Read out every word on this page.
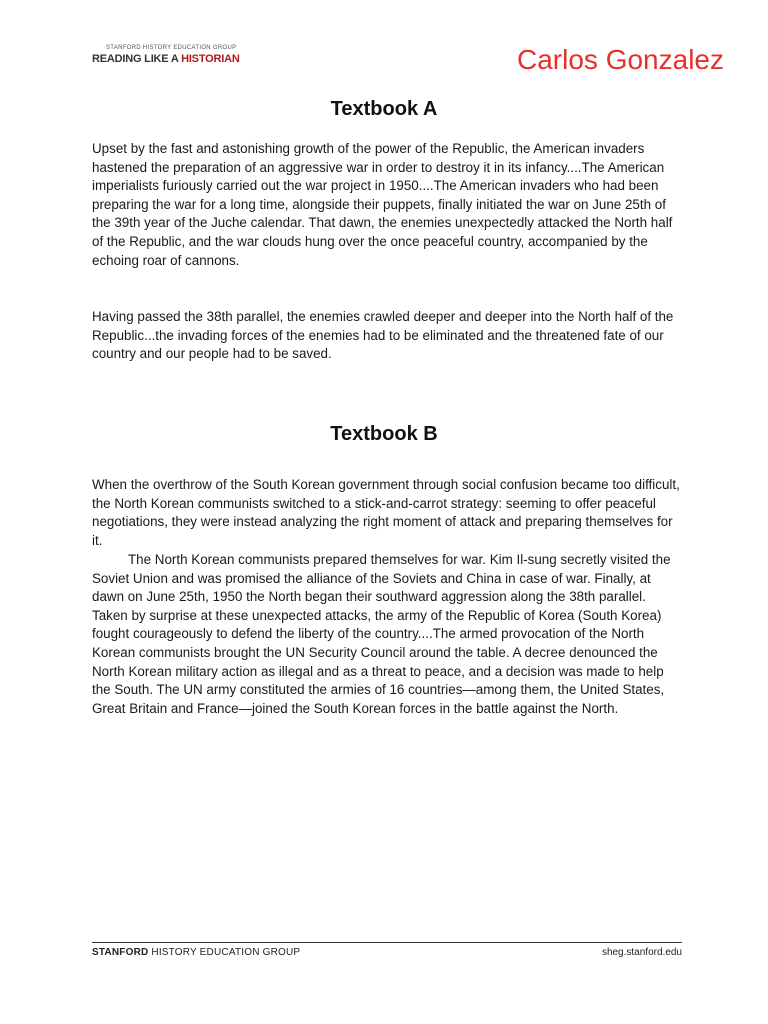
STANFORD HISTORY EDUCATION GROUP
READING LIKE A HISTORIAN	Carlos Gonzalez
Textbook A

Upset by the fast and astonishing growth of the power of the Republic, the American invaders hastened the preparation of an aggressive war in order to destroy it in its infancy....The American imperialists furiously carried out the war project in 1950....The American invaders who had been preparing the war for a long time, alongside their puppets, finally initiated the war on June 25th of the 39th year of the Juche calendar. That dawn, the enemies unexpectedly attacked the North half of the Republic, and the war clouds hung over the once peaceful country, accompanied by the echoing roar of cannons.

Having passed the 38th parallel, the enemies crawled deeper and deeper into the North half of the Republic...the invading forces of the enemies had to be eliminated and the threatened fate of our country and our people had to be saved.

Textbook B

When the overthrow of the South Korean government through social confusion became too difficult, the North Korean communists switched to a stick-and-carrot strategy: seeming to offer peaceful negotiations, they were instead analyzing the right moment of attack and preparing themselves for it.

The North Korean communists prepared themselves for war. Kim Il-sung secretly visited the Soviet Union and was promised the alliance of the Soviets and China in case of war. Finally, at dawn on June 25th, 1950 the North began their southward aggression along the 38th parallel. Taken by surprise at these unexpected attacks, the army of the Republic of Korea (South Korea) fought courageously to defend the liberty of the country....The armed provocation of the North Korean communists brought the UN Security Council around the table. A decree denounced the North Korean military action as illegal and as a threat to peace, and a decision was made to help the South. The UN army constituted the armies of 16 countries—among them, the United States, Great Britain and France—joined the South Korean forces in the battle against the North.

STANFORD HISTORY EDUCATION GROUP	sheg.stanford.edu
